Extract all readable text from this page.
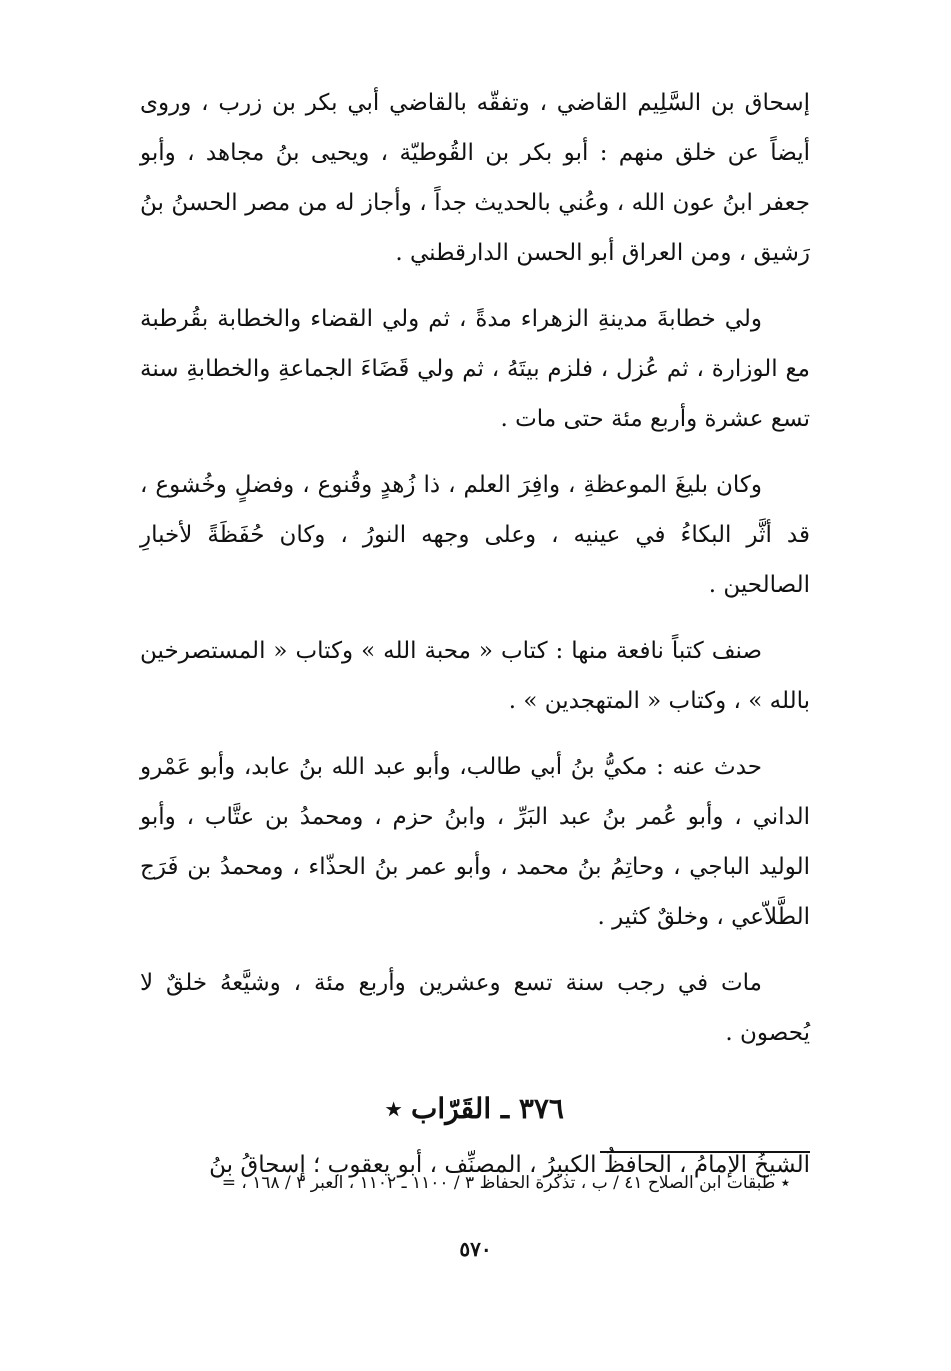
إسحاق بن السَّلِيم القاضي ، وتفقّه بالقاضي أبي بكر بن زرب ، وروى أيضاً عن خلق منهم : أبو بكر بن القُوطيّة ، ويحيى بنُ مجاهد ، وأبو جعفر ابنُ عون الله ، وعُني بالحديث جداً ، وأجاز له من مصر الحسنُ بنُ رَشيق ، ومن العراق أبو الحسن الدارقطني .

ولي خطابةَ مدينةِ الزهراء مدةً ، ثم ولي القضاء والخطابة بقُرطبة مع الوزارة ، ثم عُزل ، فلزم بيتَهُ ، ثم ولي قَضَاءَ الجماعةِ والخطابةِ سنة تسع عشرة وأربع مئة حتى مات .

وكان بليغَ الموعظةِ ، وافِرَ العلم ، ذا زُهدٍ وقُنوع ، وفضلٍ وخُشوع ، قد أثَّر البكاءُ في عينيه ، وعلى وجهه النورُ ، وكان حُفَظَةً لأخبارِ الصالحين .

صنف كتباً نافعة منها : كتاب « محبة الله » وكتاب « المستصرخين بالله » ، وكتاب « المتهجدين » .

حدث عنه : مكيُّ بنُ أبي طالب، وأبو عبد الله بنُ عابد، وأبو عَمْرو الداني ، وأبو عُمر بنُ عبد البَرِّ ، وابنُ حزم ، ومحمدُ بن عتَّاب ، وأبو الوليد الباجي ، وحاتِمُ بنُ محمد ، وأبو عمر بنُ الحذّاء ، ومحمدُ بن فَرَج الطَّلاّعي ، وخلقٌ كثير .

مات في رجب سنة تسع وعشرين وأربع مئة ، وشيَّعهُ خلقٌ لا يُحصون .

٣٧٦ ـ القَرّاب ٭

الشيخُ الإمامُ ، الحافظُ الكبيرُ ، المصنِّف ، أبو يعقوب ؛ إسحاقُ بنُ

٭ طبقات ابن الصلاح ٤١ / ب ، تذكرة الحفاظ ٣ / ١١٠٠ ـ ١١٠٢ ، العبر ٣ / ١٦٨ ، =
٥٧٠
